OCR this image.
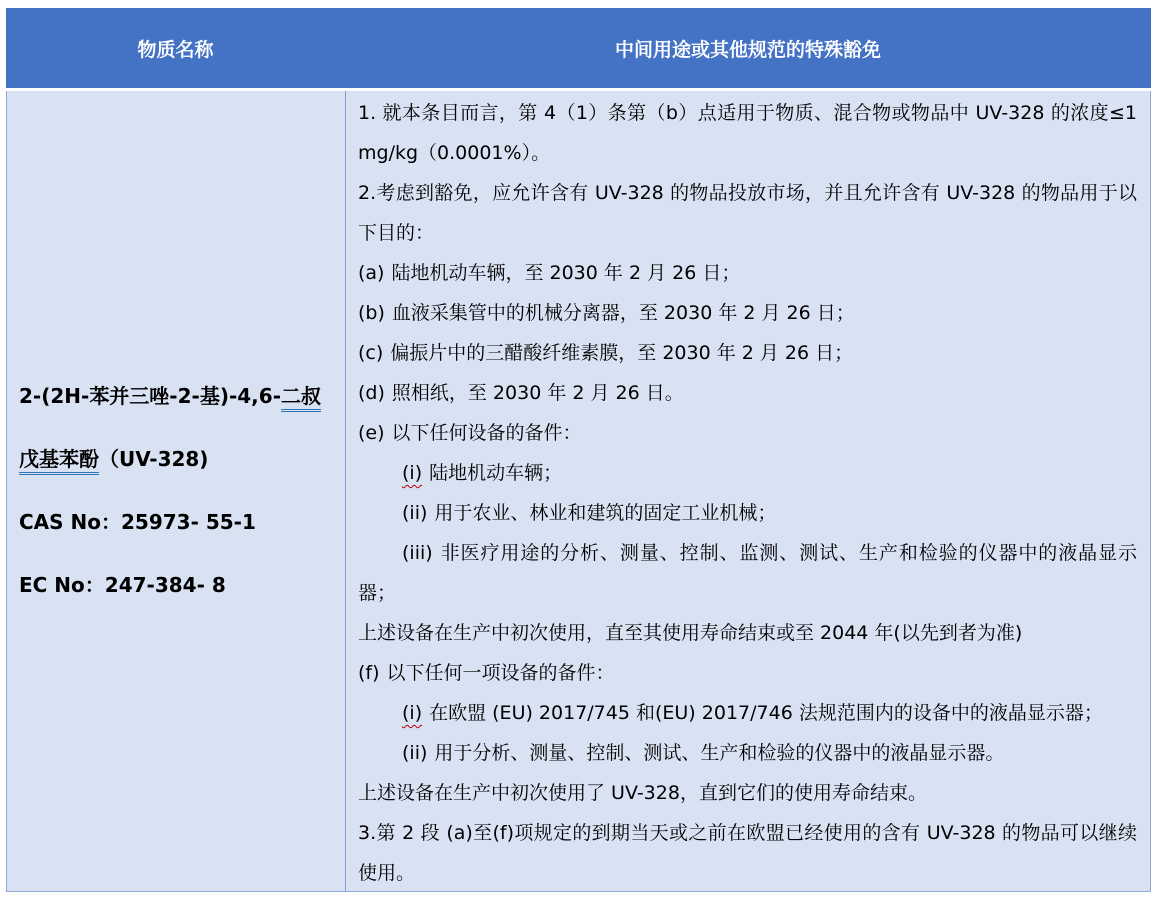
物质名称	中间用途或其他规范的特殊豁免
2-(2H-苯并三唑-2-基)-4,6-二叔
戊基苯酚（UV-328)
CAS No：25973- 55-1
EC No：247-384- 8

1. 就本条目而言，第 4（1）条第（b）点适用于物质、混合物或物品中 UV-328 的浓度≤1 mg/kg（0.0001%）。

2.考虑到豁免，应允许含有 UV-328 的物品投放市场，并且允许含有 UV-328 的物品用于以下目的：

(a) 陆地机动车辆，至 2030 年 2 月 26 日；

(b) 血液采集管中的机械分离器，至 2030 年 2 月 26 日；

(c) 偏振片中的三醋酸纤维素膜，至 2030 年 2 月 26 日；

(d) 照相纸，至 2030 年 2 月 26 日。

(e) 以下任何设备的备件：

(i) 陆地机动车辆；

(ii) 用于农业、林业和建筑的固定工业机械；

(iii) 非医疗用途的分析、测量、控制、监测、测试、生产和检验的仪器中的液晶显示器；

上述设备在生产中初次使用，直至其使用寿命结束或至 2044 年(以先到者为准)

(f) 以下任何一项设备的备件：

(i) 在欧盟 (EU) 2017/745 和(EU) 2017/746 法规范围内的设备中的液晶显示器；

(ii) 用于分析、测量、控制、测试、生产和检验的仪器中的液晶显示器。

上述设备在生产中初次使用了 UV-328，直到它们的使用寿命结束。

3.第 2 段 (a)至(f)项规定的到期当天或之前在欧盟已经使用的含有 UV-328 的物品可以继续使用。
